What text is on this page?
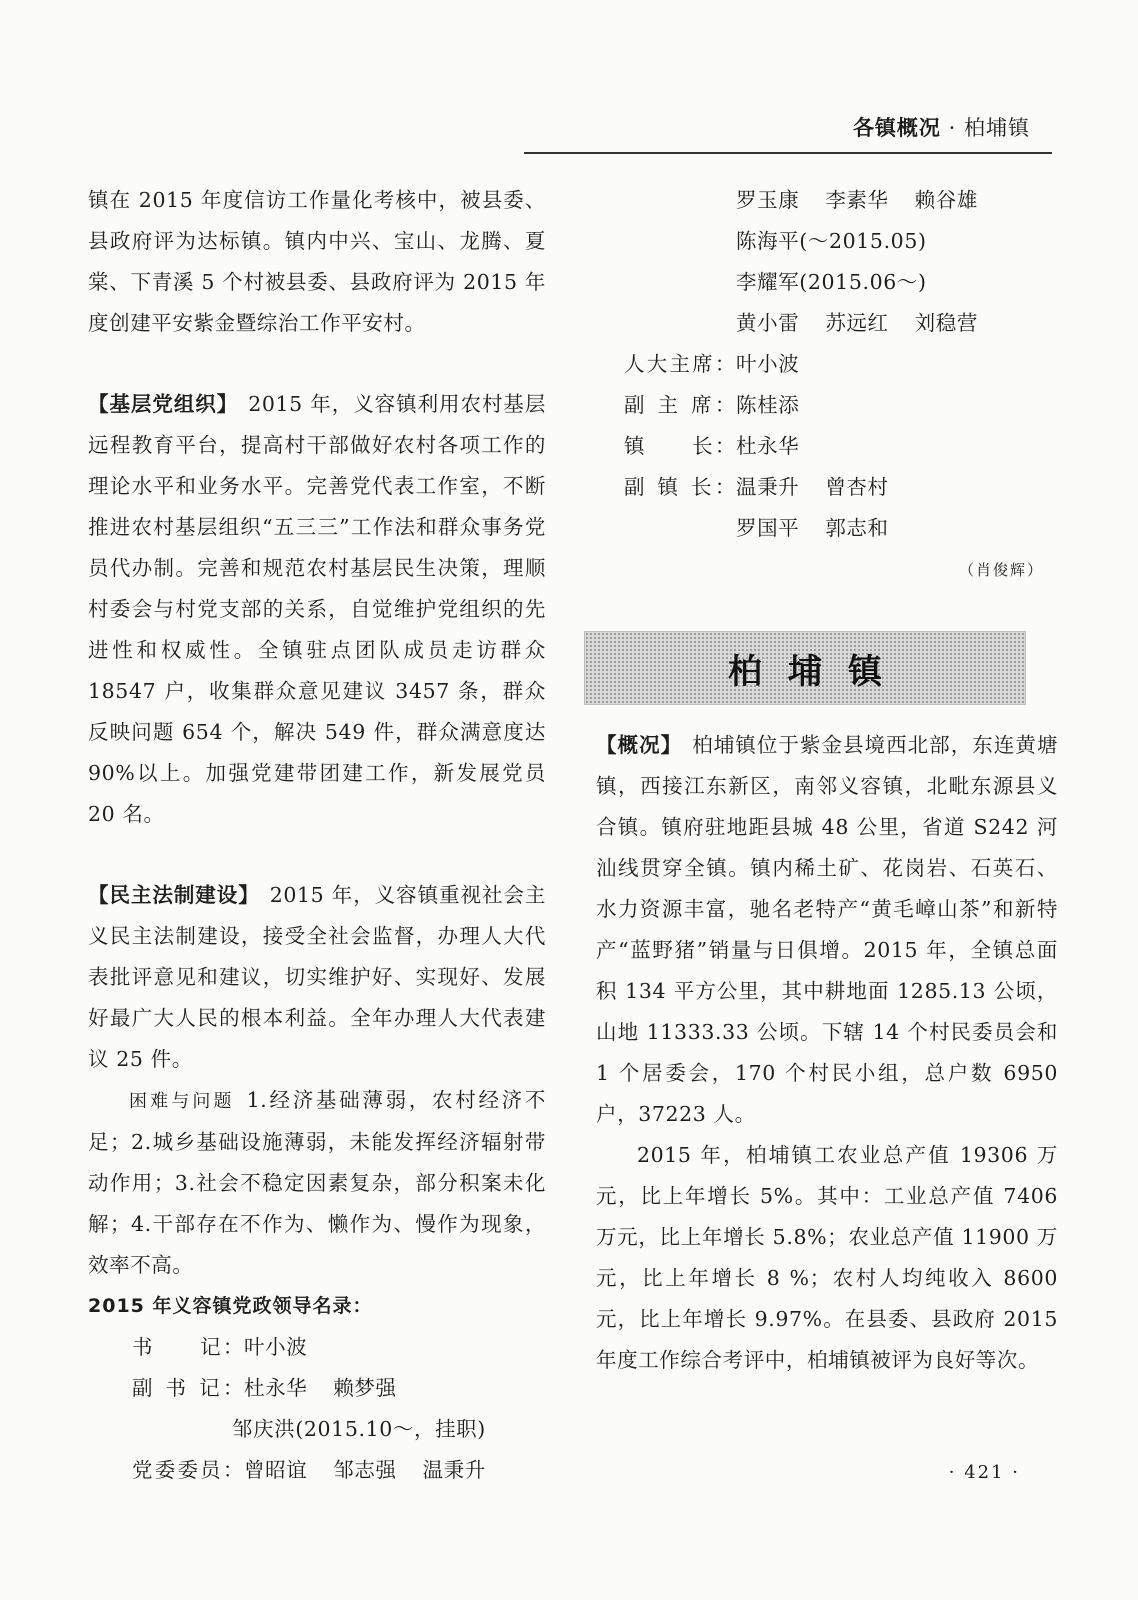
各镇概况 · 柏埔镇

镇在 2015 年度信访工作量化考核中，被县委、县政府评为达标镇。镇内中兴、宝山、龙腾、夏棠、下青溪 5 个村被县委、县政府评为 2015 年度创建平安紫金暨综治工作平安村。

【基层党组织】 2015 年，义容镇利用农村基层远程教育平台，提高村干部做好农村各项工作的理论水平和业务水平。完善党代表工作室，不断推进农村基层组织“五三三”工作法和群众事务党员代办制。完善和规范农村基层民生决策，理顺村委会与村党支部的关系，自觉维护党组织的先进性和权威性。全镇驻点团队成员走访群众 18547 户，收集群众意见建议 3457 条，群众反映问题 654 个，解决 549 件，群众满意度达 90%以上。加强党建带团建工作，新发展党员 20 名。

【民主法制建设】 2015 年，义容镇重视社会主义民主法制建设，接受全社会监督，办理人大代表批评意见和建议，切实维护好、实现好、发展好最广大人民的根本利益。全年办理人大代表建议 25 件。

困难与问题 1.经济基础薄弱，农村经济不足；2.城乡基础设施薄弱，未能发挥经济辐射带动作用；3.社会不稳定因素复杂，部分积案未化解；4.干部存在不作为、懒作为、慢作为现象，效率不高。

2015 年义容镇党政领导名录：
书　　记：叶小波
副 书 记：杜永华 赖梦强
邹庆洪(2015.10～，挂职)
党委委员：曾昭谊 邹志强 温秉升
罗玉康 李素华 赖谷雄
陈海平(～2015.05)
李耀军(2015.06～)
黄小雷 苏远红 刘稳营
人大主席：叶小波
副 主 席：陈桂添
镇　　长：杜永华
副 镇 长：温秉升 曾杏村
罗国平 郭志和
（肖俊辉）
柏埔镇

【概况】 柏埔镇位于紫金县境西北部，东连黄塘镇，西接江东新区，南邻义容镇，北毗东源县义合镇。镇府驻地距县城 48 公里，省道 S242 河汕线贯穿全镇。镇内稀土矿、花岗岩、石英石、水力资源丰富，驰名老特产“黄毛嶂山茶”和新特产“蓝野猪”销量与日俱增。2015 年，全镇总面积 134 平方公里，其中耕地面 1285.13 公顷，山地 11333.33 公顷。下辖 14 个村民委员会和 1 个居委会，170 个村民小组，总户数 6950 户，37223 人。

2015 年，柏埔镇工农业总产值 19306 万元，比上年增长 5%。其中：工业总产值 7406 万元，比上年增长 5.8%；农业总产值 11900 万元，比上年增长 8 %；农村人均纯收入 8600 元，比上年增长 9.97%。在县委、县政府 2015 年度工作综合考评中，柏埔镇被评为良好等次。

· 421 ·
